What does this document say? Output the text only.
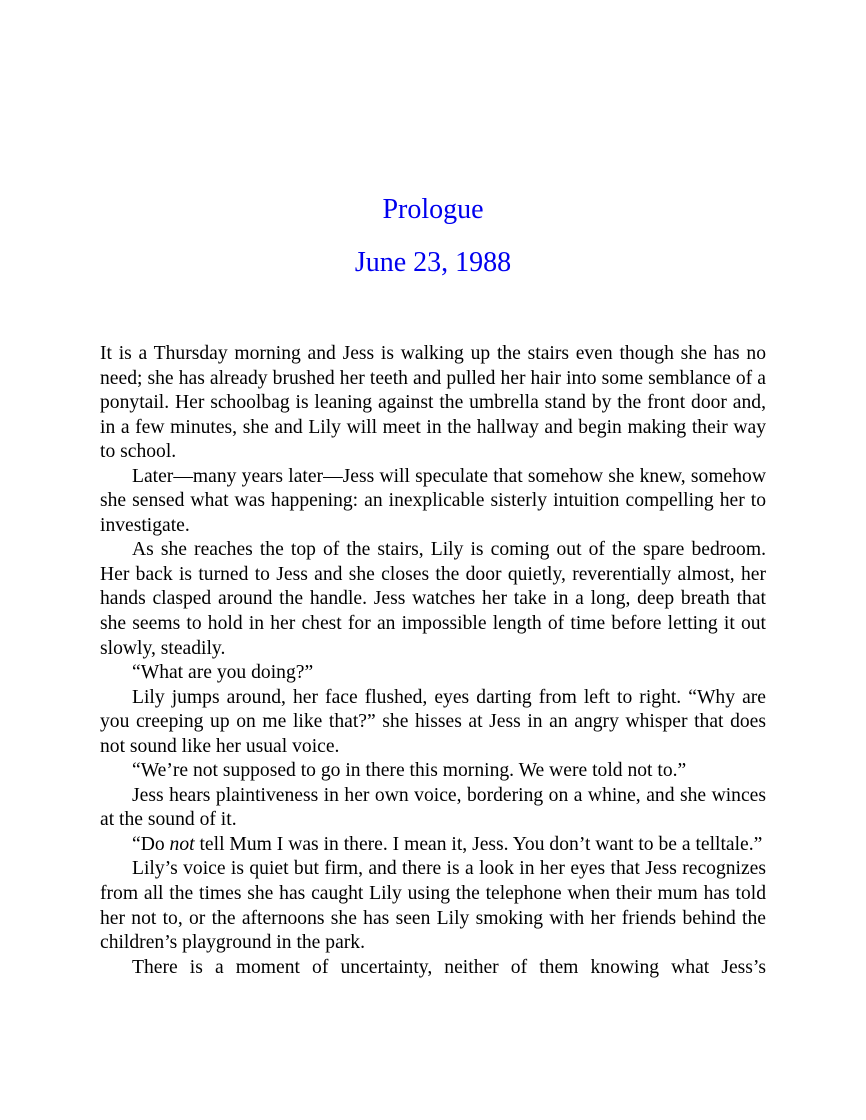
Prologue
June 23, 1988

It is a Thursday morning and Jess is walking up the stairs even though she has no need; she has already brushed her teeth and pulled her hair into some semblance of a ponytail. Her schoolbag is leaning against the umbrella stand by the front door and, in a few minutes, she and Lily will meet in the hallway and begin making their way to school.

Later—many years later—Jess will speculate that somehow she knew, somehow she sensed what was happening: an inexplicable sisterly intuition compelling her to investigate.

As she reaches the top of the stairs, Lily is coming out of the spare bedroom. Her back is turned to Jess and she closes the door quietly, reverentially almost, her hands clasped around the handle. Jess watches her take in a long, deep breath that she seems to hold in her chest for an impossible length of time before letting it out slowly, steadily.

“What are you doing?”

Lily jumps around, her face flushed, eyes darting from left to right. “Why are you creeping up on me like that?” she hisses at Jess in an angry whisper that does not sound like her usual voice.

“We’re not supposed to go in there this morning. We were told not to.”

Jess hears plaintiveness in her own voice, bordering on a whine, and she winces at the sound of it.

“Do not tell Mum I was in there. I mean it, Jess. You don’t want to be a telltale.”

Lily’s voice is quiet but firm, and there is a look in her eyes that Jess recognizes from all the times she has caught Lily using the telephone when their mum has told her not to, or the afternoons she has seen Lily smoking with her friends behind the children’s playground in the park.

There is a moment of uncertainty, neither of them knowing what Jess’s
